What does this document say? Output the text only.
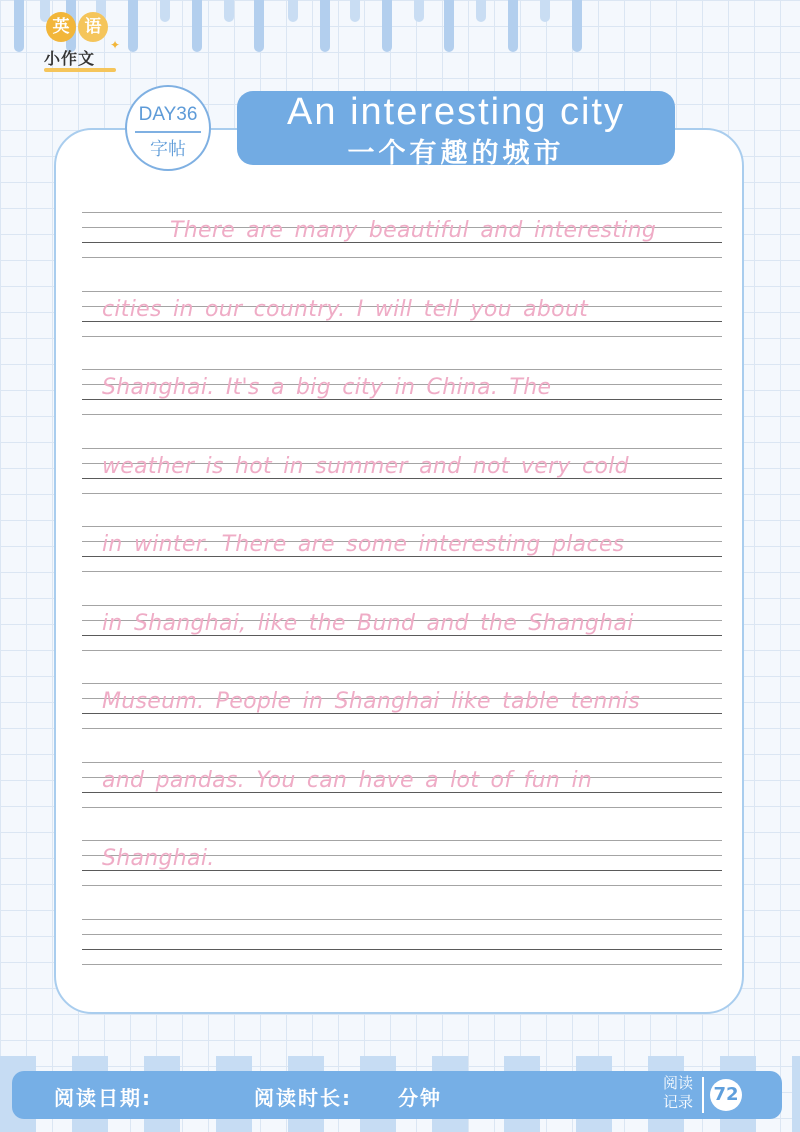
英 语
小作文
✦
DAY36
字帖
An interesting city
一个有趣的城市
There are many beautiful and interesting
cities in our country. I will tell you about
Shanghai. It's a big city in China. The
weather is hot in summer and not very cold
in winter. There are some interesting places
in Shanghai, like the Bund and the Shanghai
Museum. People in Shanghai like table tennis
and pandas. You can have a lot of fun in
Shanghai.
阅读日期:	阅读时长: 分钟
阅读记录 72
